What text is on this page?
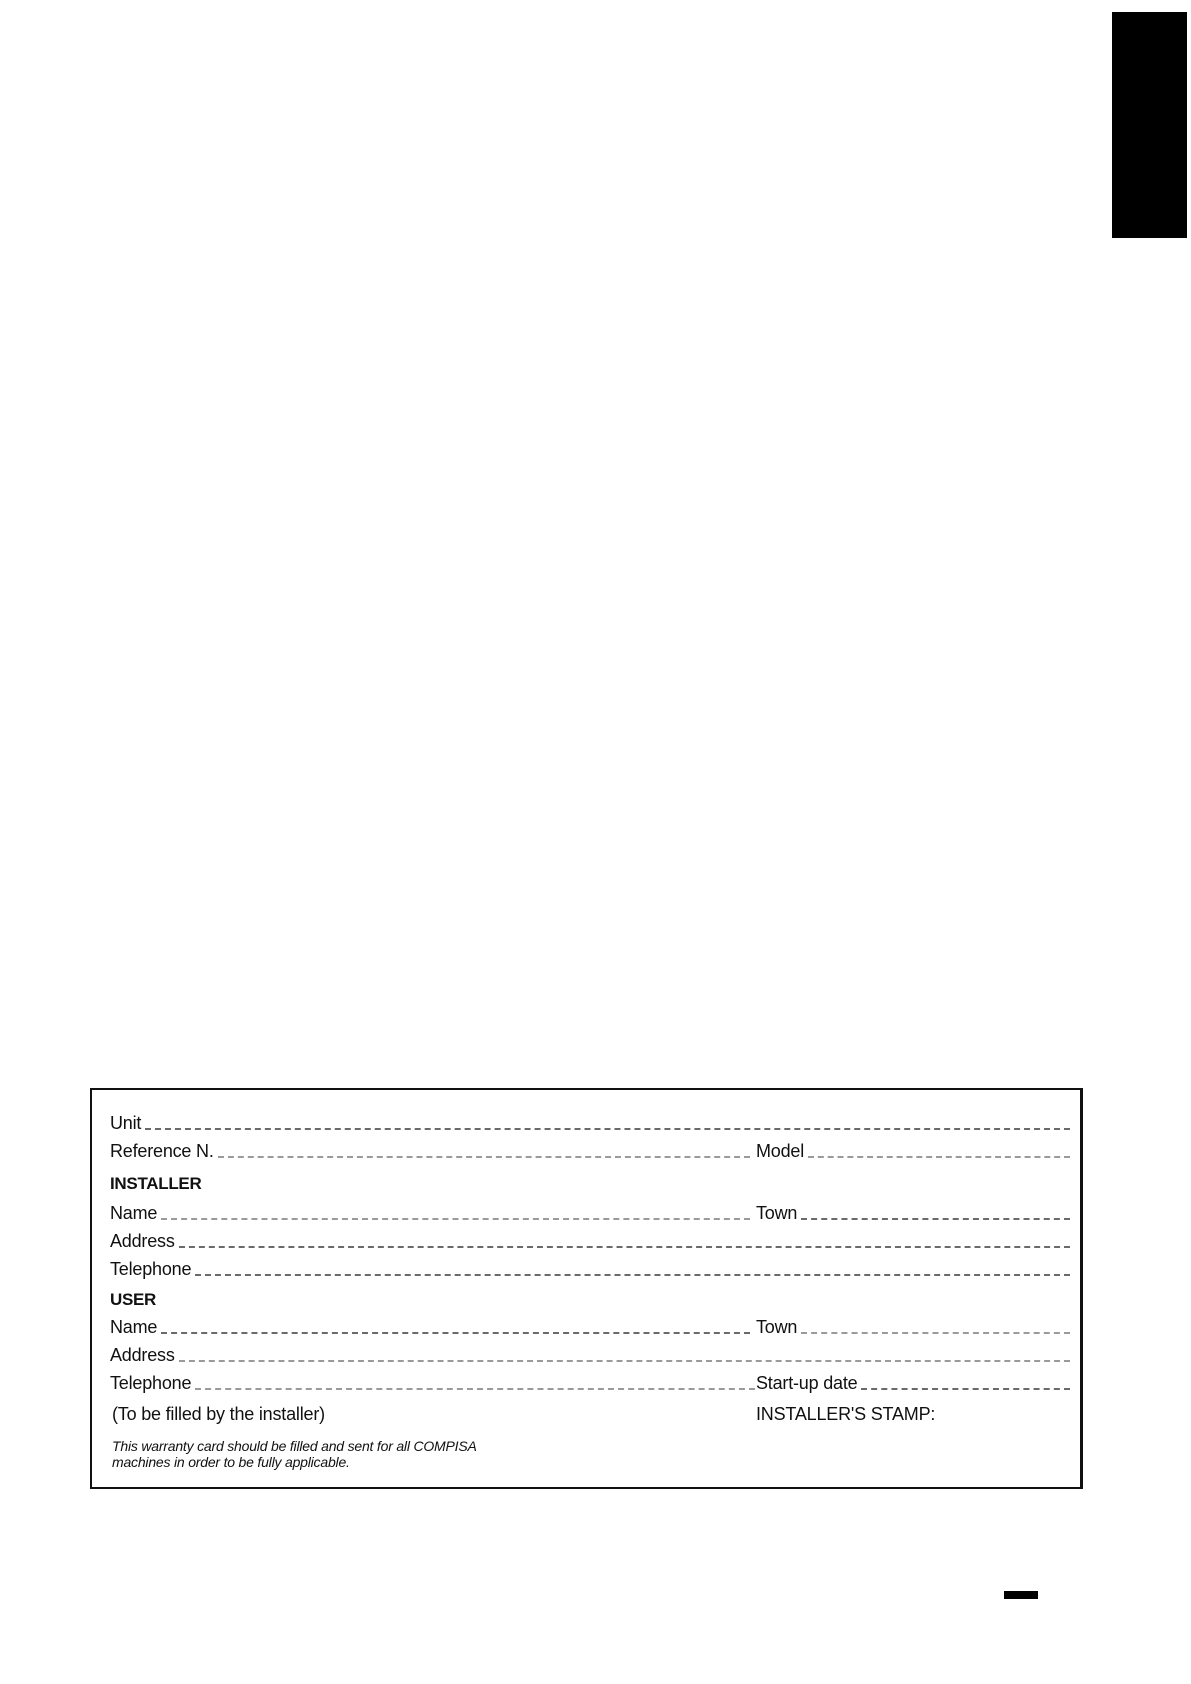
Unit
Reference N.	Model
INSTALLER
Name	Town
Address
Telephone
USER
Name	Town
Address
Telephone	Start-up date
(To be filled by the installer)	INSTALLER'S STAMP:
This warranty card should be filled and sent for all COMPISA
machines in order to be fully applicable.
